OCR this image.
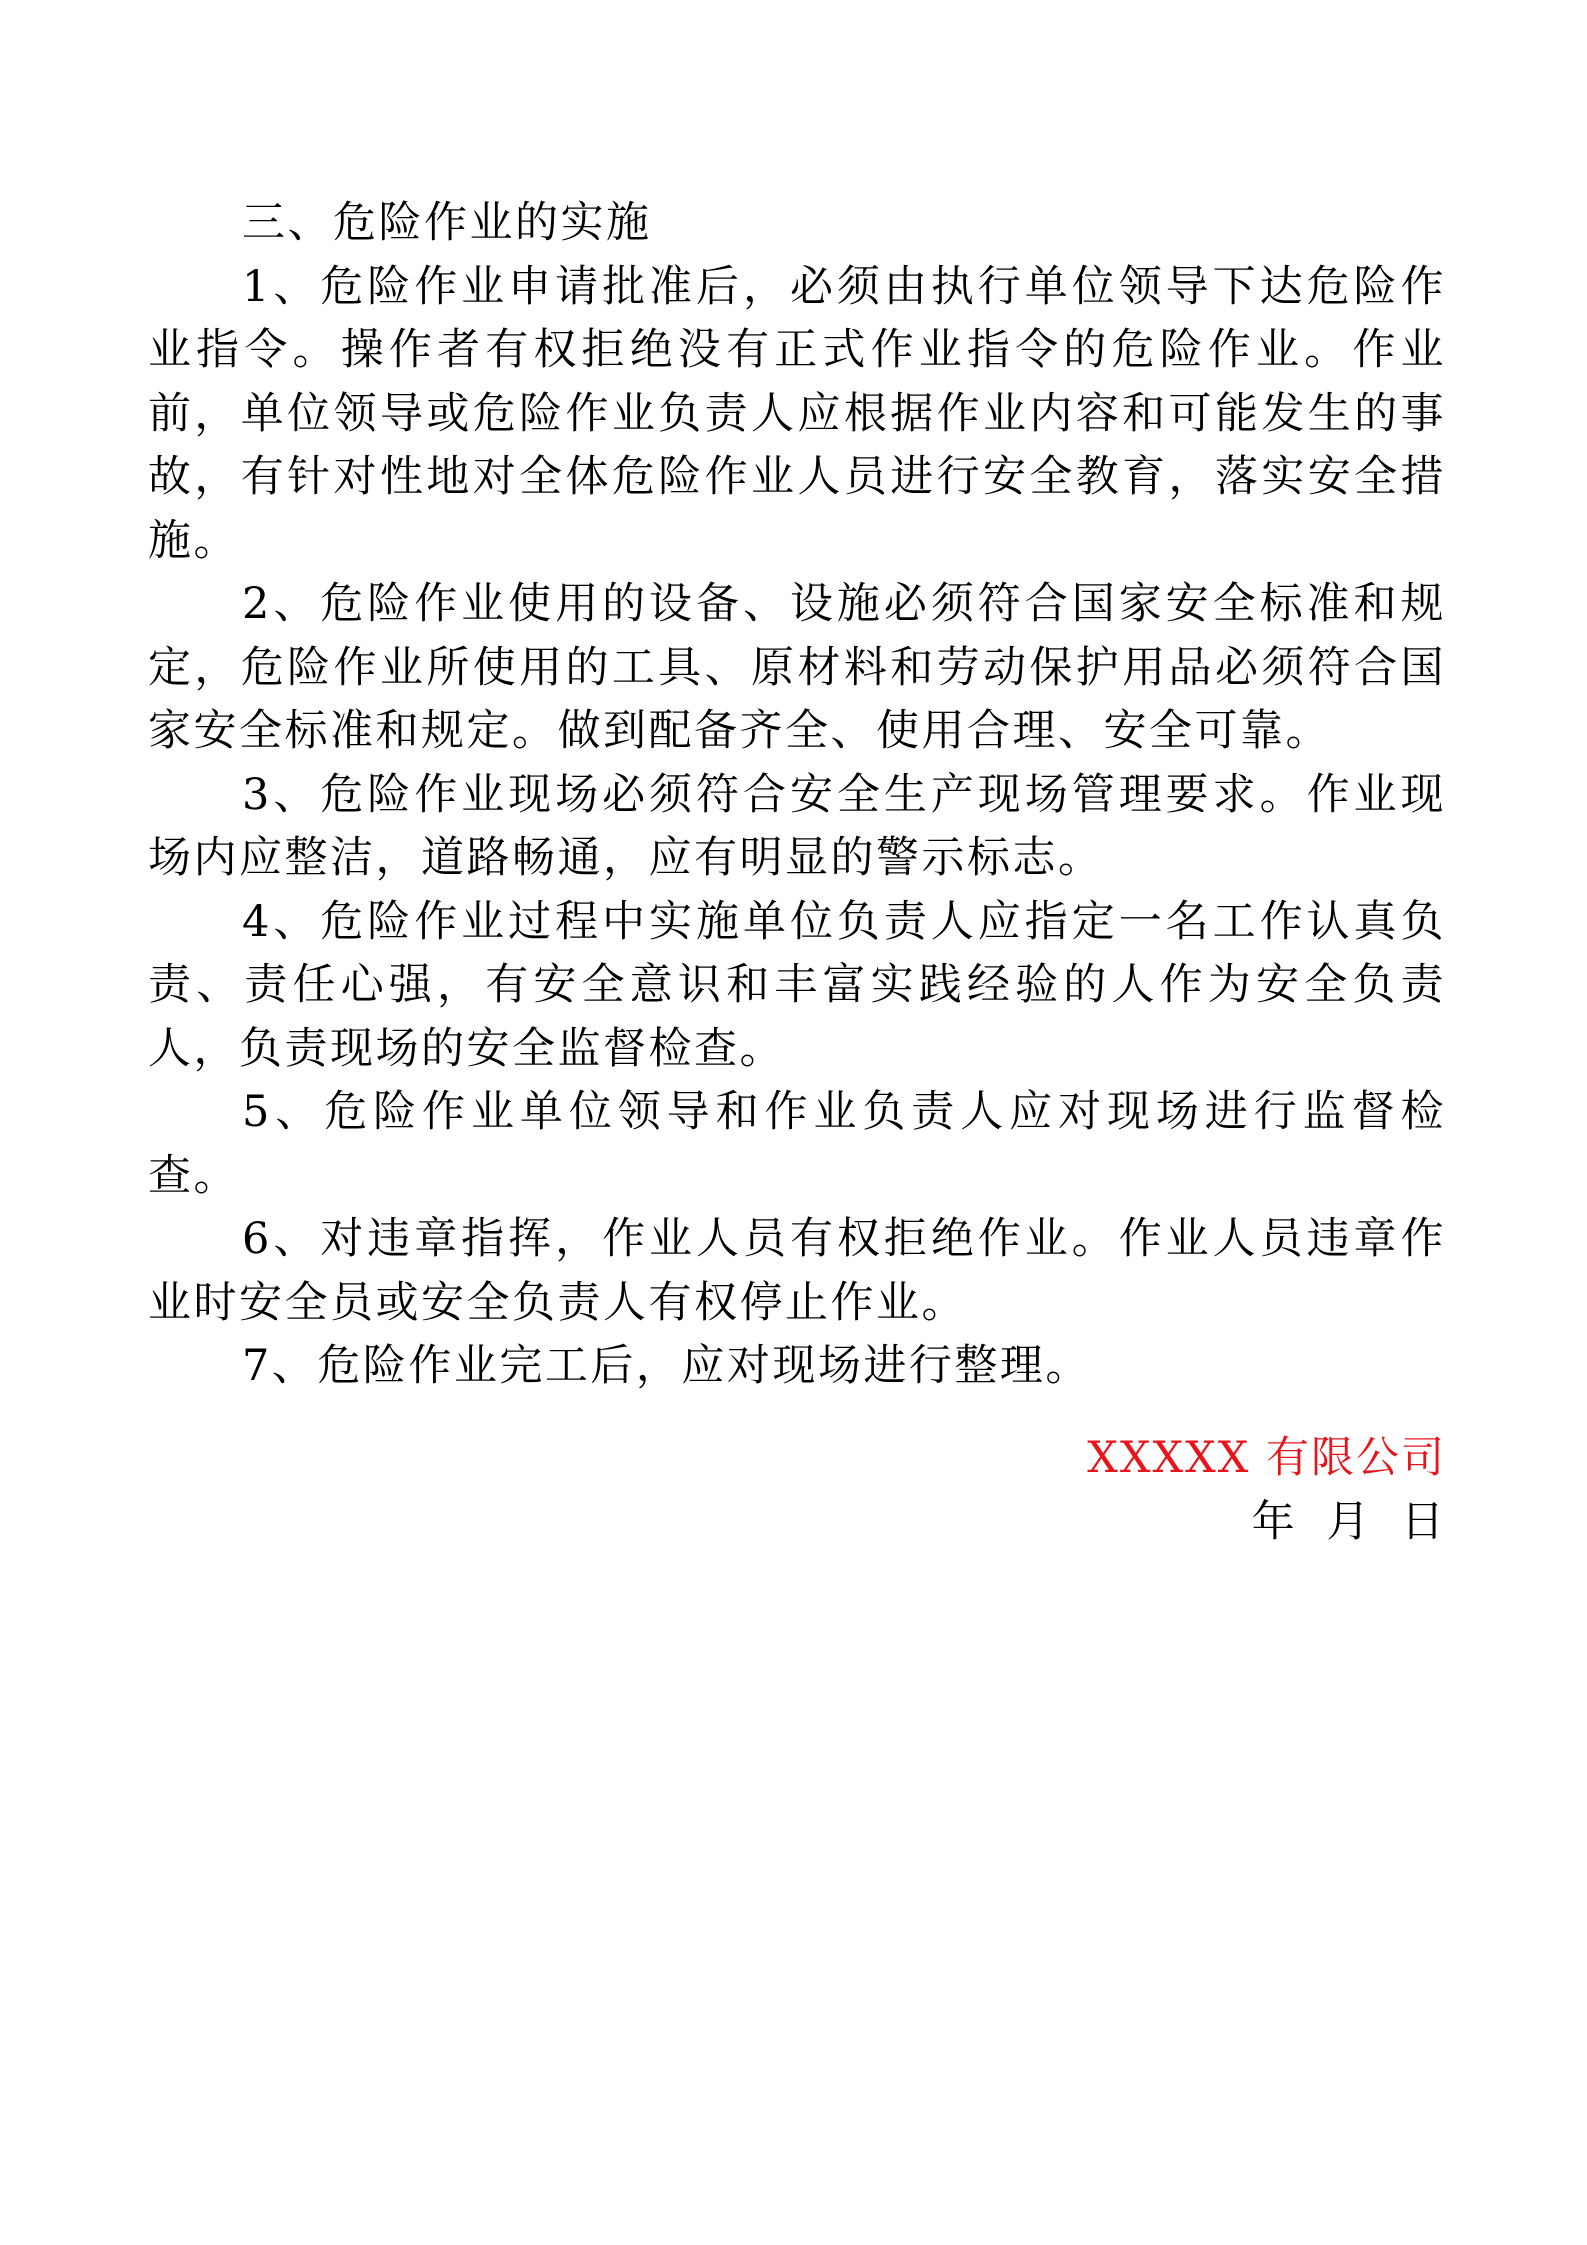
三、危险作业的实施

1、危险作业申请批准后，必须由执行单位领导下达危险作业指令。操作者有权拒绝没有正式作业指令的危险作业。作业前，单位领导或危险作业负责人应根据作业内容和可能发生的事故，有针对性地对全体危险作业人员进行安全教育，落实安全措施。

2、危险作业使用的设备、设施必须符合国家安全标准和规定，危险作业所使用的工具、原材料和劳动保护用品必须符合国家安全标准和规定。做到配备齐全、使用合理、安全可靠。

3、危险作业现场必须符合安全生产现场管理要求。作业现场内应整洁，道路畅通，应有明显的警示标志。

4、危险作业过程中实施单位负责人应指定一名工作认真负责、责任心强，有安全意识和丰富实践经验的人作为安全负责人，负责现场的安全监督检查。

5、危险作业单位领导和作业负责人应对现场进行监督检查。

6、对违章指挥，作业人员有权拒绝作业。作业人员违章作业时安全员或安全负责人有权停止作业。

7、危险作业完工后，应对现场进行整理。

XXXXX 有限公司
年 月 日
